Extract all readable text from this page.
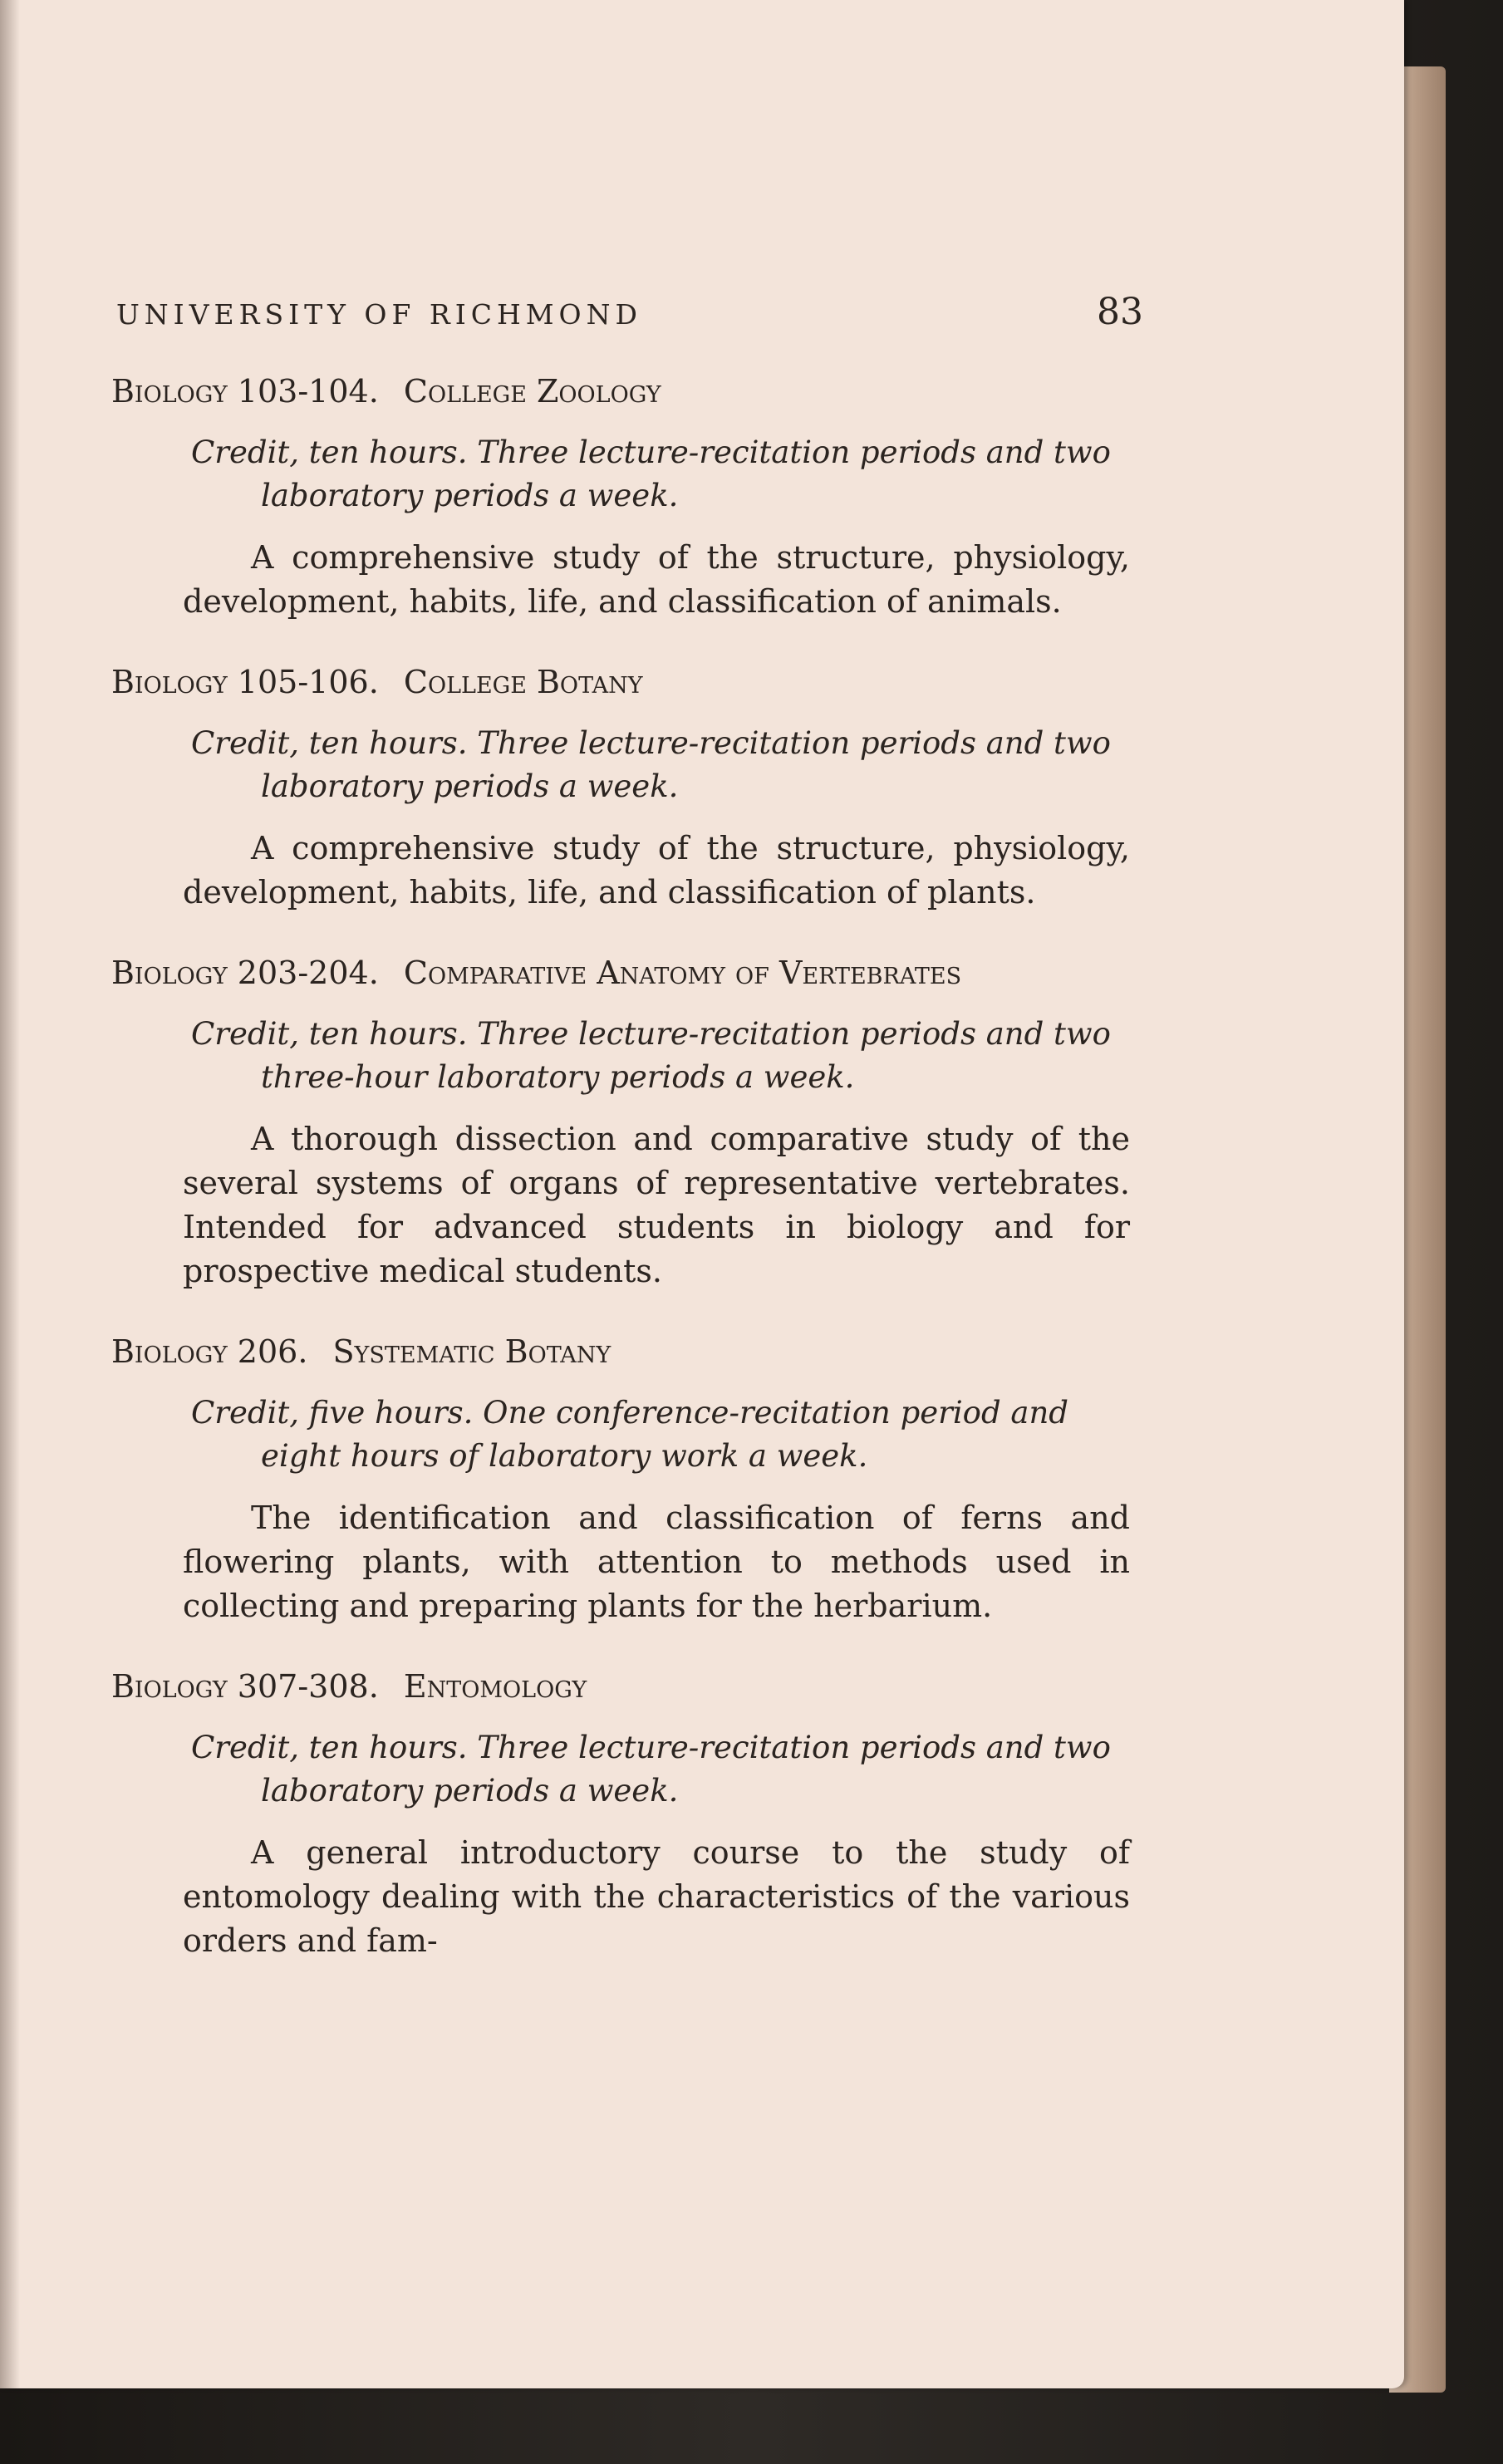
UNIVERSITY OF RICHMOND	83
Biology 103-104. College Zoology
Credit, ten hours. Three lecture-recitation periods and two laboratory periods a week.
A comprehensive study of the structure, physiology, development, habits, life, and classification of animals.
Biology 105-106. College Botany
Credit, ten hours. Three lecture-recitation periods and two laboratory periods a week.
A comprehensive study of the structure, physiology, development, habits, life, and classification of plants.
Biology 203-204. Comparative Anatomy of Vertebrates
Credit, ten hours. Three lecture-recitation periods and two three-hour laboratory periods a week.
A thorough dissection and comparative study of the several systems of organs of representative vertebrates. Intended for advanced students in biology and for prospective medical students.
Biology 206. Systematic Botany
Credit, five hours. One conference-recitation period and eight hours of laboratory work a week.
The identification and classification of ferns and flowering plants, with attention to methods used in collecting and preparing plants for the herbarium.
Biology 307-308. Entomology
Credit, ten hours. Three lecture-recitation periods and two laboratory periods a week.
A general introductory course to the study of entomology dealing with the characteristics of the various orders and fam-
